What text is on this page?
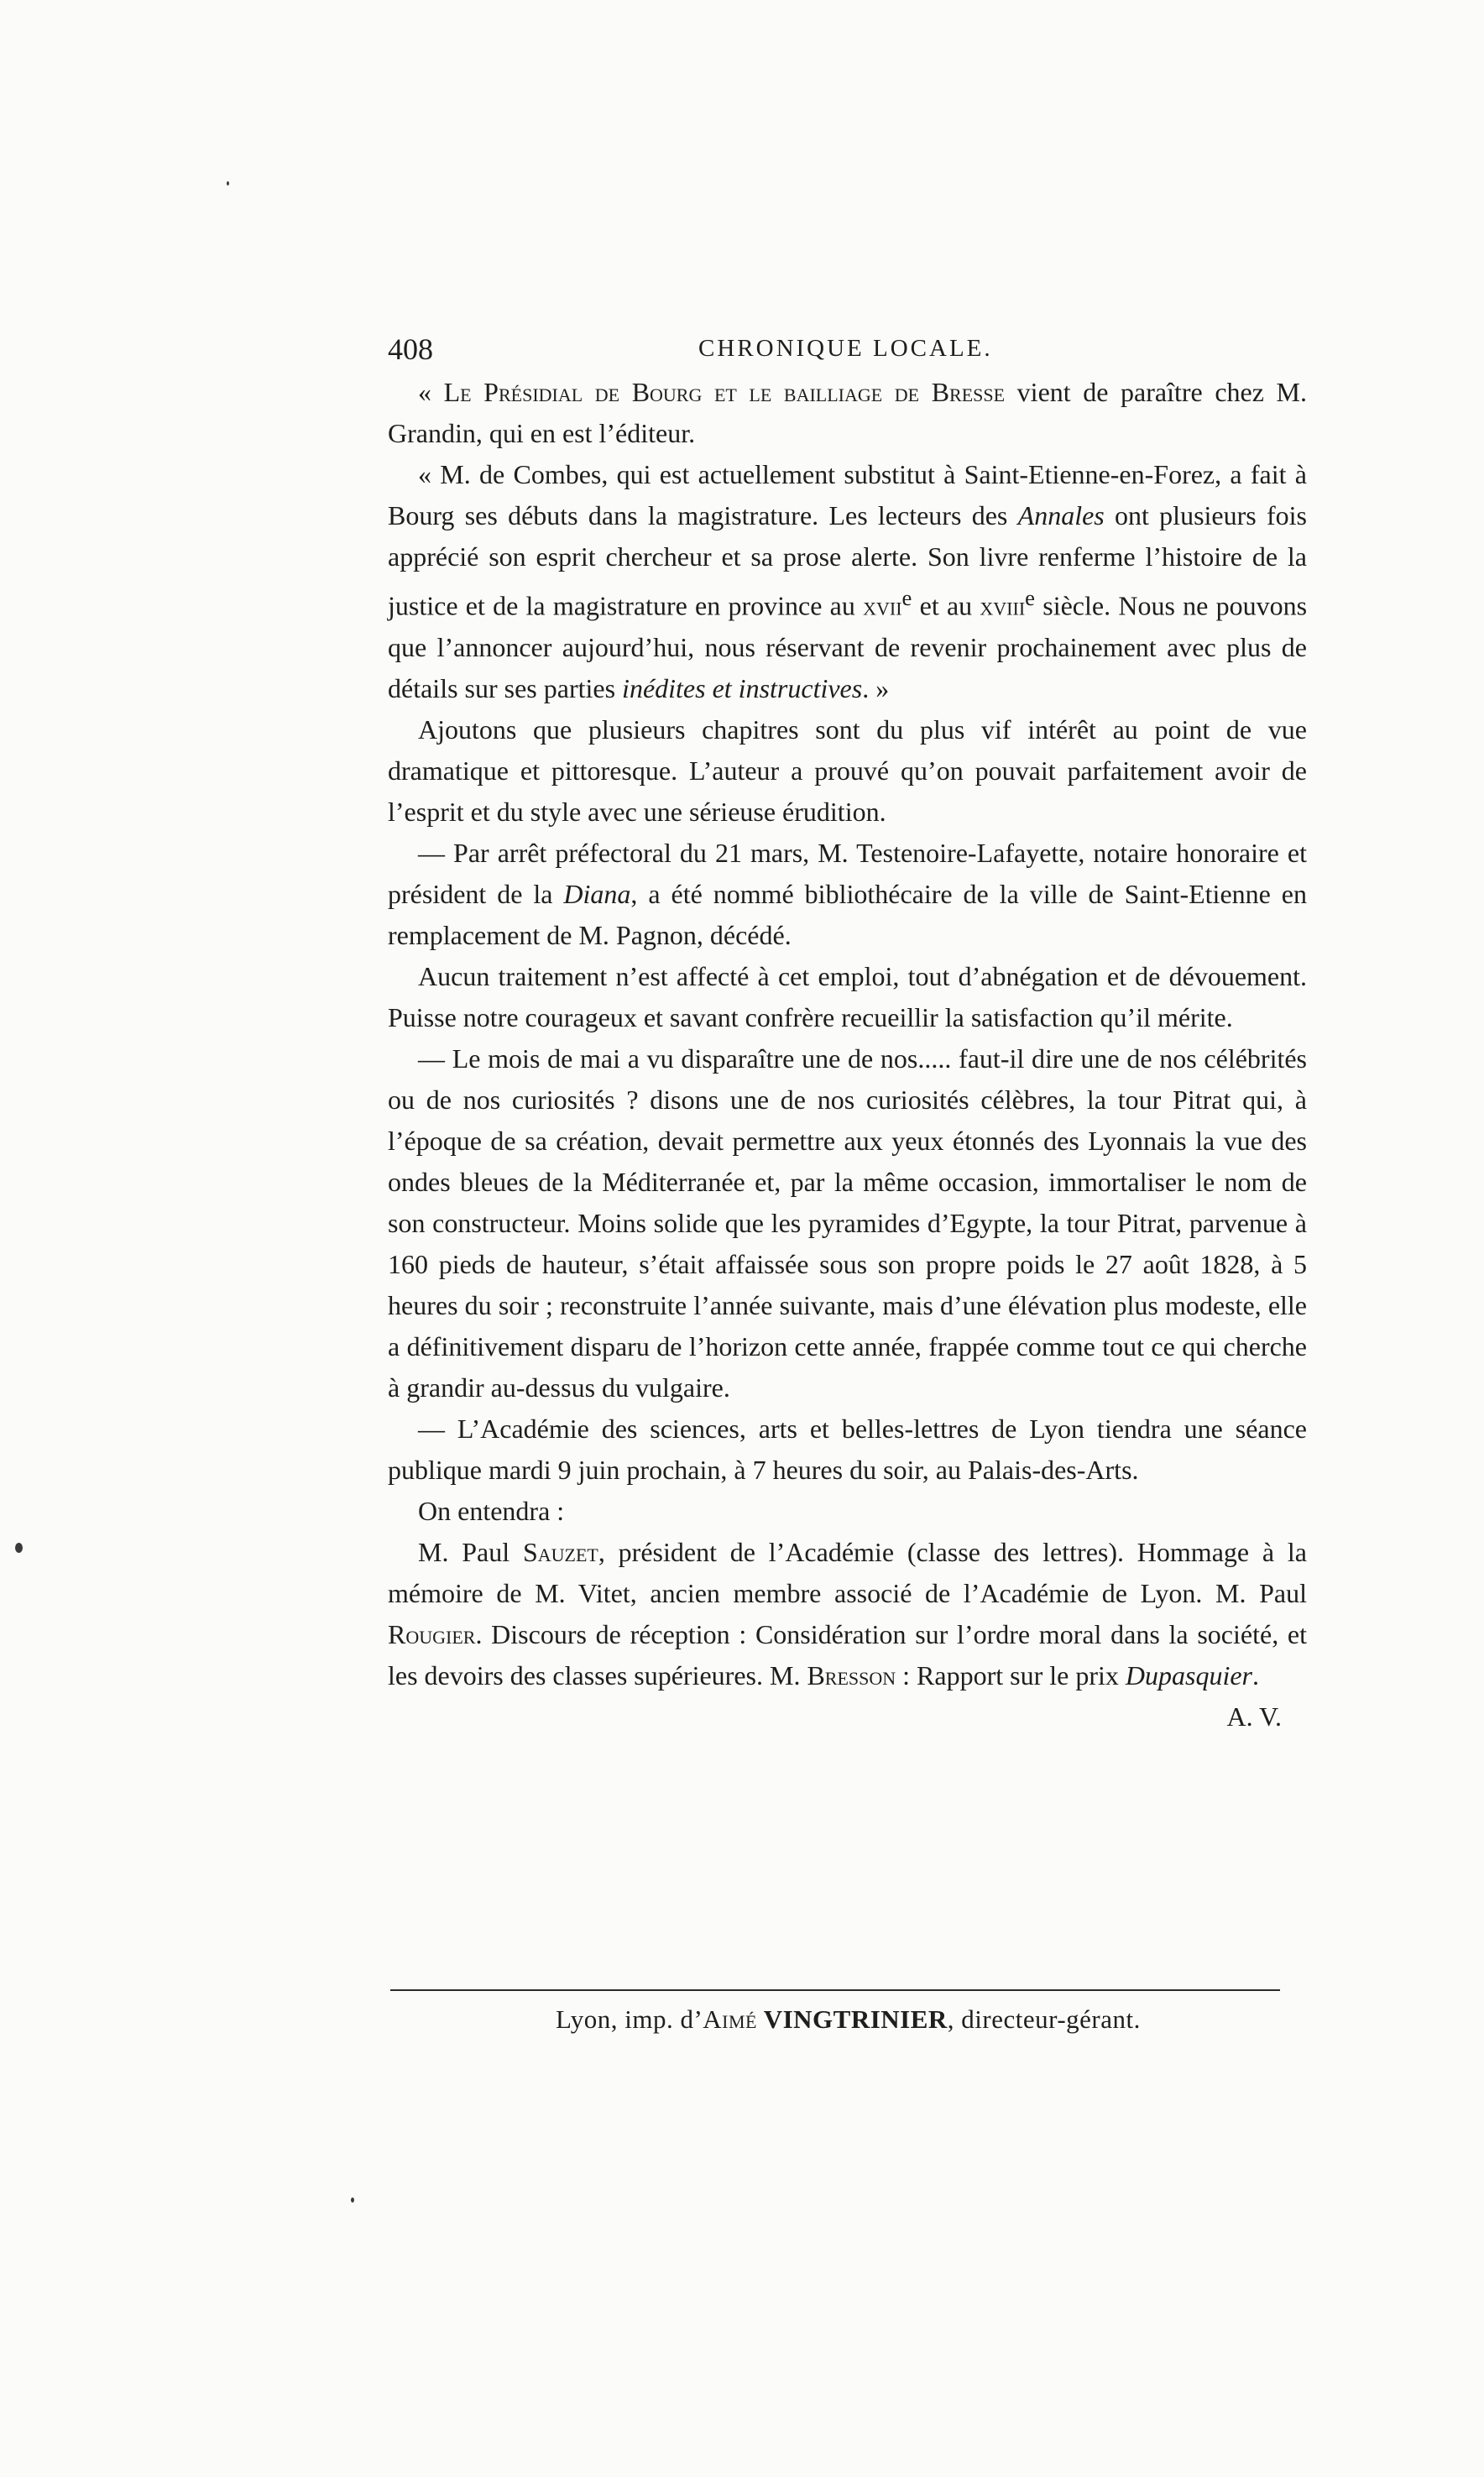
408	CHRONIQUE LOCALE.

« Le Présidial de Bourg et le bailliage de Bresse vient de paraître chez M. Grandin, qui en est l’éditeur.

« M. de Combes, qui est actuellement substitut à Saint-Etienne-en-Forez, a fait à Bourg ses débuts dans la magistrature. Les lecteurs des Annales ont plusieurs fois apprécié son esprit chercheur et sa prose alerte. Son livre renferme l’histoire de la justice et de la magistrature en province au xvii$^e$ et au xviii$^e$ siècle. Nous ne pouvons que l’annoncer aujourd’hui, nous réservant de revenir prochainement avec plus de détails sur ses parties inédites et instructives. »

Ajoutons que plusieurs chapitres sont du plus vif intérêt au point de vue dramatique et pittoresque. L’auteur a prouvé qu’on pouvait parfaitement avoir de l’esprit et du style avec une sérieuse érudition.

— Par arrêt préfectoral du 21 mars, M. Testenoire-Lafayette, notaire honoraire et président de la Diana, a été nommé bibliothécaire de la ville de Saint-Etienne en remplacement de M. Pagnon, décédé.

Aucun traitement n’est affecté à cet emploi, tout d’abnégation et de dévouement. Puisse notre courageux et savant confrère recueillir la satisfaction qu’il mérite.

— Le mois de mai a vu disparaître une de nos..... faut-il dire une de nos célébrités ou de nos curiosités ? disons une de nos curiosités célèbres, la tour Pitrat qui, à l’époque de sa création, devait permettre aux yeux étonnés des Lyonnais la vue des ondes bleues de la Méditerranée et, par la même occasion, immortaliser le nom de son constructeur. Moins solide que les pyramides d’Egypte, la tour Pitrat, parvenue à 160 pieds de hauteur, s’était affaissée sous son propre poids le 27 août 1828, à 5 heures du soir ; reconstruite l’année suivante, mais d’une élévation plus modeste, elle a définitivement disparu de l’horizon cette année, frappée comme tout ce qui cherche à grandir au-dessus du vulgaire.

— L’Académie des sciences, arts et belles-lettres de Lyon tiendra une séance publique mardi 9 juin prochain, à 7 heures du soir, au Palais-des-Arts.

On entendra :

M. Paul Sauzet, président de l’Académie (classe des lettres). Hommage à la mémoire de M. Vitet, ancien membre associé de l’Académie de Lyon. M. Paul Rougier. Discours de réception : Considération sur l’ordre moral dans la société, et les devoirs des classes supérieures. M. Bresson : Rapport sur le prix Dupasquier.
A. V.

Lyon, imp. d’Aimé VINGTRINIER, directeur-gérant.
